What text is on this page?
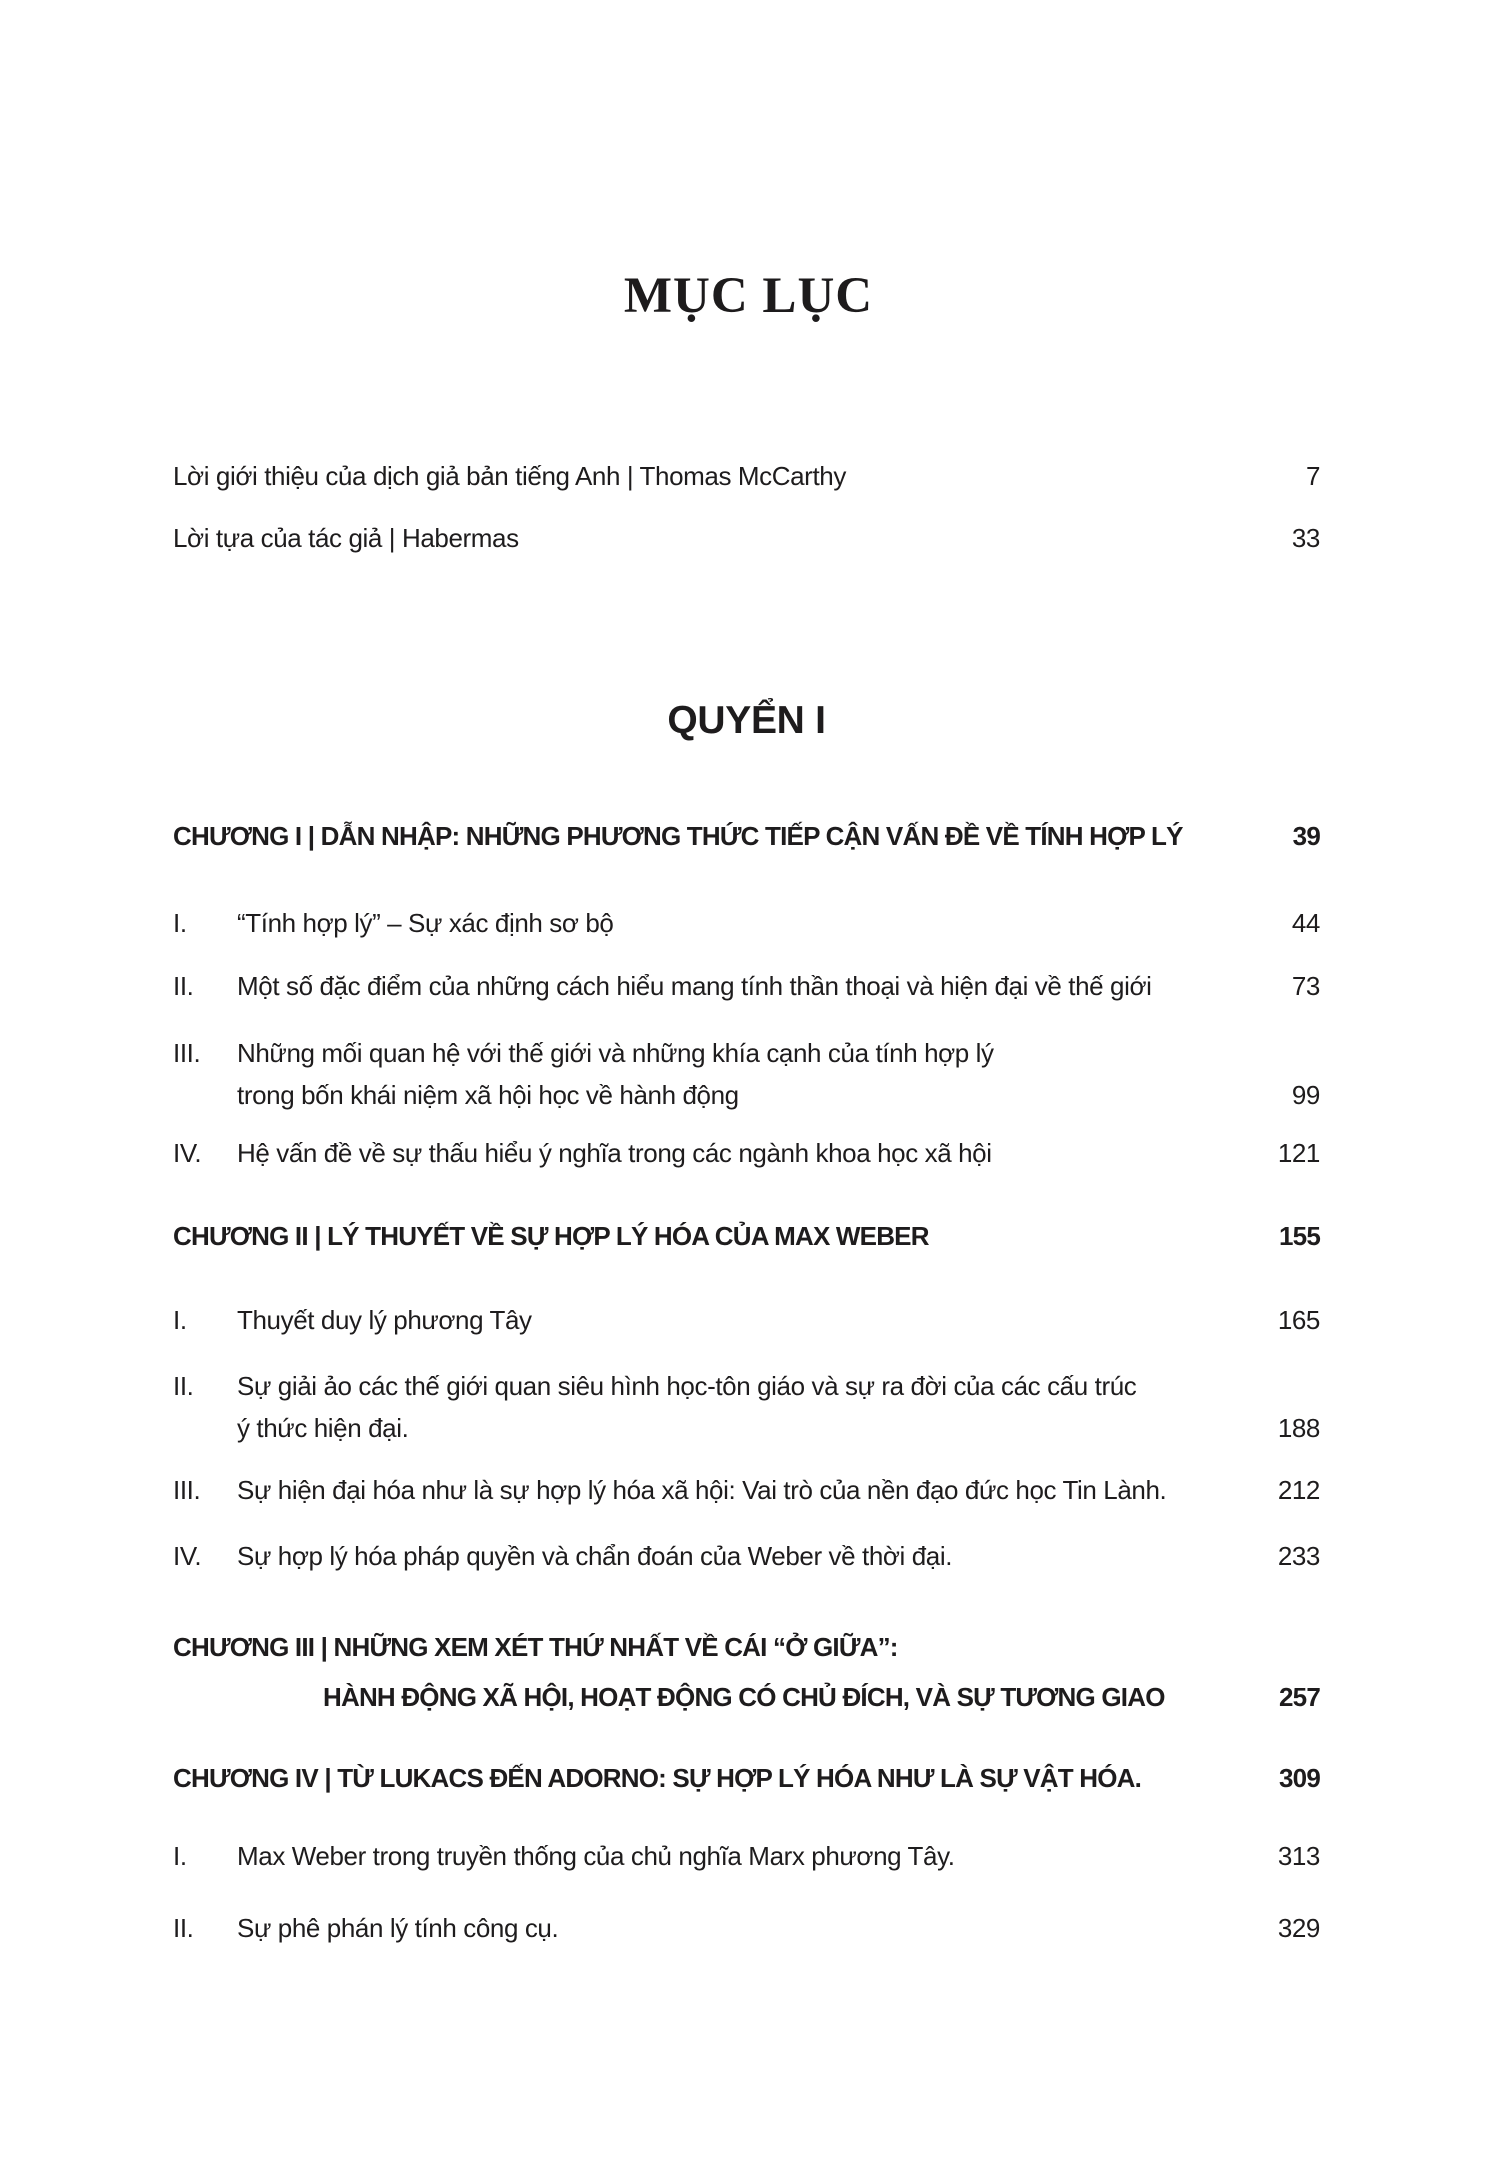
MỤC LỤC
Lời giới thiệu của dịch giả bản tiếng Anh | Thomas McCarthy	7
Lời tựa của tác giả | Habermas	33
QUYỂN I
CHƯƠNG I | DẪN NHẬP: NHỮNG PHƯƠNG THỨC TIẾP CẬN VẤN ĐỀ VỀ TÍNH HỢP LÝ	39
I.	“Tính hợp lý” – Sự xác định sơ bộ	44
II.	Một số đặc điểm của những cách hiểu mang tính thần thoại và hiện đại về thế giới	73
III.	Những mối quan hệ với thế giới và những khía cạnh của tính hợp lý
trong bốn khái niệm xã hội học về hành động	99
IV.	Hệ vấn đề về sự thấu hiểu ý nghĩa trong các ngành khoa học xã hội	121
CHƯƠNG II | LÝ THUYẾT VỀ SỰ HỢP LÝ HÓA CỦA MAX WEBER	155
I.	Thuyết duy lý phương Tây	165
II.	Sự giải ảo các thế giới quan siêu hình học-tôn giáo và sự ra đời của các cấu trúc
ý thức hiện đại.	188
III.	Sự hiện đại hóa như là sự hợp lý hóa xã hội: Vai trò của nền đạo đức học Tin Lành.	212
IV.	Sự hợp lý hóa pháp quyền và chẩn đoán của Weber về thời đại.	233
CHƯƠNG III | NHỮNG XEM XÉT THỨ NHẤT VỀ CÁI “Ở GIỮA”:
HÀNH ĐỘNG XÃ HỘI, HOẠT ĐỘNG CÓ CHỦ ĐÍCH, VÀ SỰ TƯƠNG GIAO	257
CHƯƠNG IV | TỪ LUKACS ĐẾN ADORNO: SỰ HỢP LÝ HÓA NHƯ LÀ SỰ VẬT HÓA.	309
I.	Max Weber trong truyền thống của chủ nghĩa Marx phương Tây.	313
II.	Sự phê phán lý tính công cụ.	329
